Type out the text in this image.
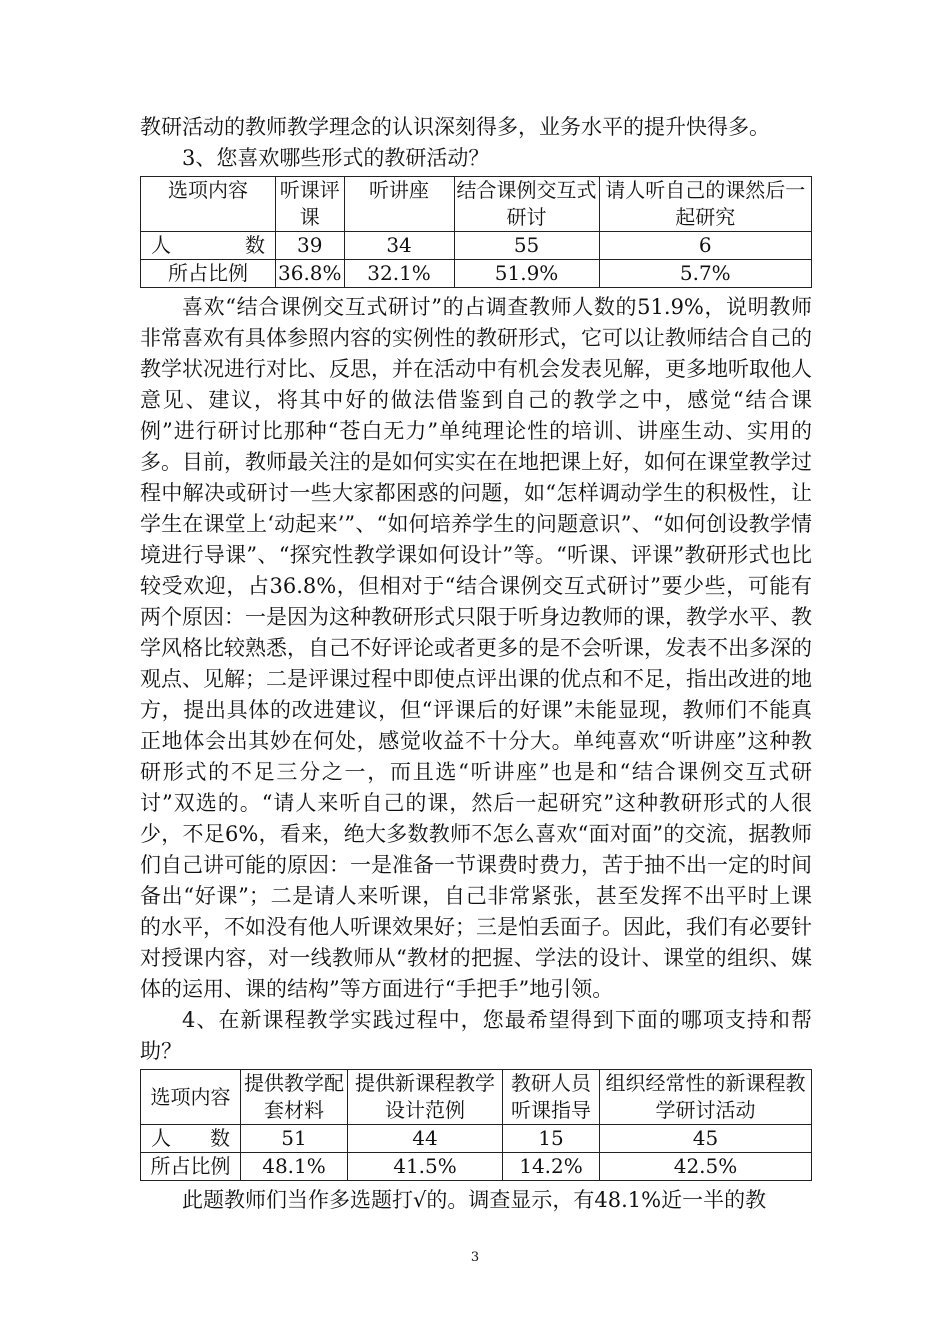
教研活动的教师教学理念的认识深刻得多，业务水平的提升快得多。

3、您喜欢哪些形式的教研活动？

选项内容	听课评课	听讲座	结合课例交互式研讨	请人听自己的课然后一起研究

人 数	39	34	55	6
所占比例	36.8%	32.1%	51.9%	5.7%

喜欢“结合课例交互式研讨”的占调查教师人数的51.9%，说明教师非常喜欢有具体参照内容的实例性的教研形式，它可以让教师结合自己的教学状况进行对比、反思，并在活动中有机会发表见解，更多地听取他人意见、建议，将其中好的做法借鉴到自己的教学之中，感觉“结合课例”进行研讨比那种“苍白无力”单纯理论性的培训、讲座生动、实用的多。目前，教师最关注的是如何实实在在地把课上好，如何在课堂教学过程中解决或研讨一些大家都困惑的问题，如“怎样调动学生的积极性，让学生在课堂上‘动起来’”、“如何培养学生的问题意识”、“如何创设教学情境进行导课”、“探究性教学课如何设计”等。“听课、评课”教研形式也比较受欢迎，占36.8%，但相对于“结合课例交互式研讨”要少些，可能有两个原因：一是因为这种教研形式只限于听身边教师的课，教学水平、教学风格比较熟悉，自己不好评论或者更多的是不会听课，发表不出多深的观点、见解；二是评课过程中即使点评出课的优点和不足，指出改进的地方，提出具体的改进建议，但“评课后的好课”未能显现，教师们不能真正地体会出其妙在何处，感觉收益不十分大。单纯喜欢“听讲座”这种教研形式的不足三分之一，而且选“听讲座”也是和“结合课例交互式研讨”双选的。“请人来听自己的课，然后一起研究”这种教研形式的人很少，不足6%，看来，绝大多数教师不怎么喜欢“面对面”的交流，据教师们自己讲可能的原因：一是准备一节课费时费力，苦于抽不出一定的时间备出“好课”；二是请人来听课，自己非常紧张，甚至发挥不出平时上课的水平，不如没有他人听课效果好；三是怕丢面子。因此，我们有必要针对授课内容，对一线教师从“教材的把握、学法的设计、课堂的组织、媒体的运用、课的结构”等方面进行“手把手”地引领。

4、在新课程教学实践过程中，您最希望得到下面的哪项支持和帮助？

选项内容	提供教学配套材料	提供新课程教学设计范例	教研人员听课指导	组织经常性的新课程教学研讨活动

人 数	51	44	15	45
所占比例	48.1%	41.5%	14.2%	42.5%

此题教师们当作多选题打√的。调查显示，有48.1%近一半的教

3
